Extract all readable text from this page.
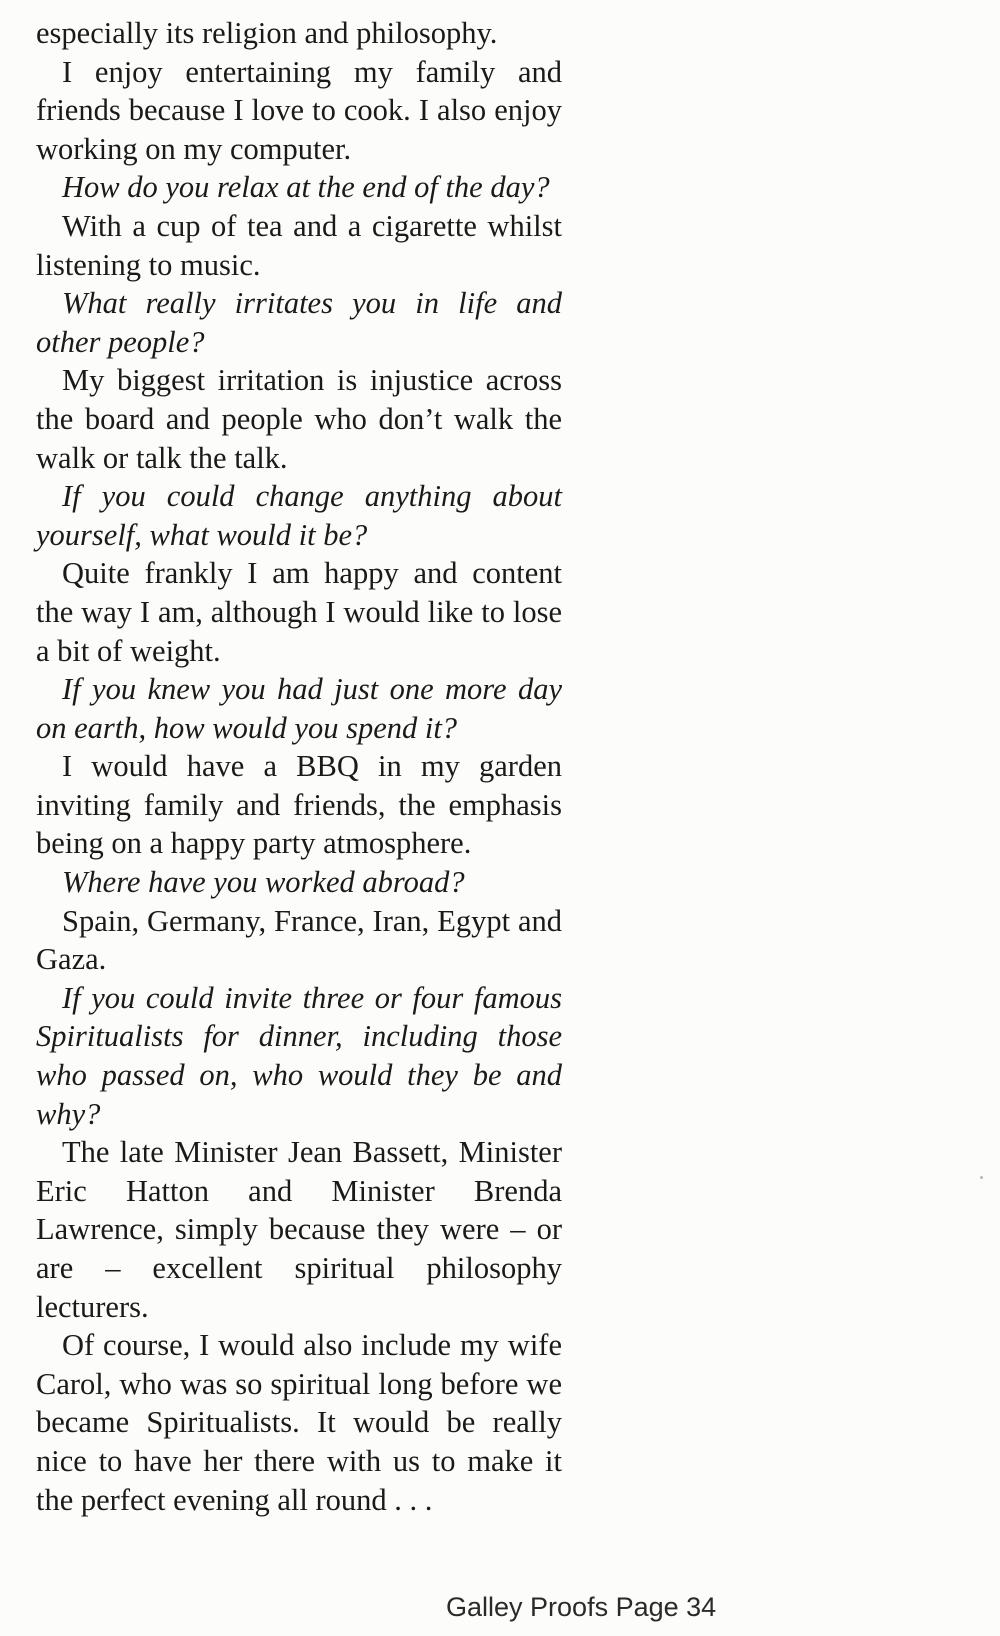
especially its religion and philosophy.

I enjoy entertaining my family and friends because I love to cook. I also enjoy working on my computer.

How do you relax at the end of the day?

With a cup of tea and a cigarette whilst listening to music.

What really irritates you in life and other people?

My biggest irritation is injustice across the board and people who don’t walk the walk or talk the talk.

If you could change anything about yourself, what would it be?

Quite frankly I am happy and content the way I am, although I would like to lose a bit of weight.

If you knew you had just one more day on earth, how would you spend it?

I would have a BBQ in my garden inviting family and friends, the emphasis being on a happy party atmosphere.

Where have you worked abroad?

Spain, Germany, France, Iran, Egypt and Gaza.

If you could invite three or four famous Spiritualists for dinner, including those who passed on, who would they be and why?

The late Minister Jean Bassett, Minister Eric Hatton and Minister Brenda Lawrence, simply because they were – or are – excellent spiritual philosophy lecturers.

Of course, I would also include my wife Carol, who was so spiritual long before we became Spiritualists. It would be really nice to have her there with us to make it the perfect evening all round . . .

Galley Proofs Page 34
